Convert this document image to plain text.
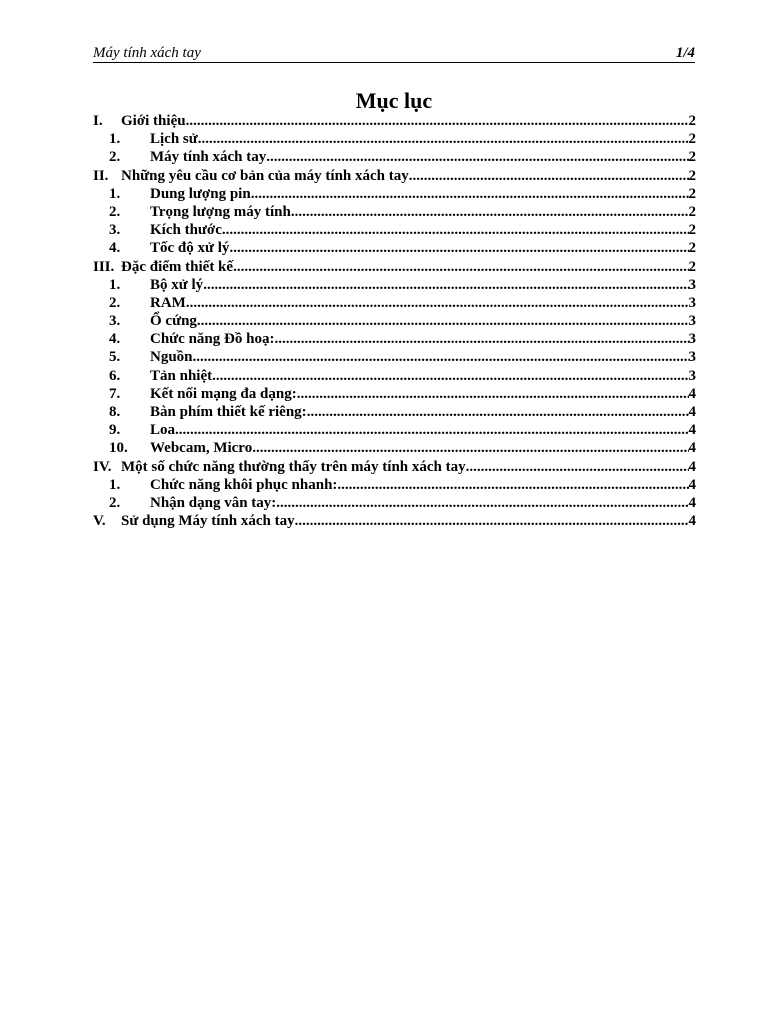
Máy tính xách tay	1/4
Mục lục
I.	Giới thiệu .....	2
1.	Lịch sử .....	2
2.	Máy tính xách tay .....	2
II. Những yêu cầu cơ bản của máy tính xách tay .....	2
1.	Dung lượng pin .....	2
2.	Trọng lượng máy tính .....	2
3.	Kích thước .....	2
4.	Tốc độ xử lý .....	2
III. Đặc điểm thiết kế .....	2
1.	Bộ xử lý .....	3
2.	RAM .....	3
3.	Ổ cứng .....	3
4.	Chức năng Đồ hoạ: .....	3
5.	Nguồn .....	3
6.	Tản nhiệt .....	3
7.	Kết nối mạng đa dạng: .....	4
8.	Bàn phím thiết kế riêng: .....	4
9.	Loa .....	4
10.	Webcam, Micro .....	4
IV. Một số chức năng thường thấy trên máy tính xách tay .....	4
1.	Chức năng khôi phục nhanh: .....	4
2.	Nhận dạng vân tay: .....	4
V.	Sử dụng Máy tính xách tay .....	4
